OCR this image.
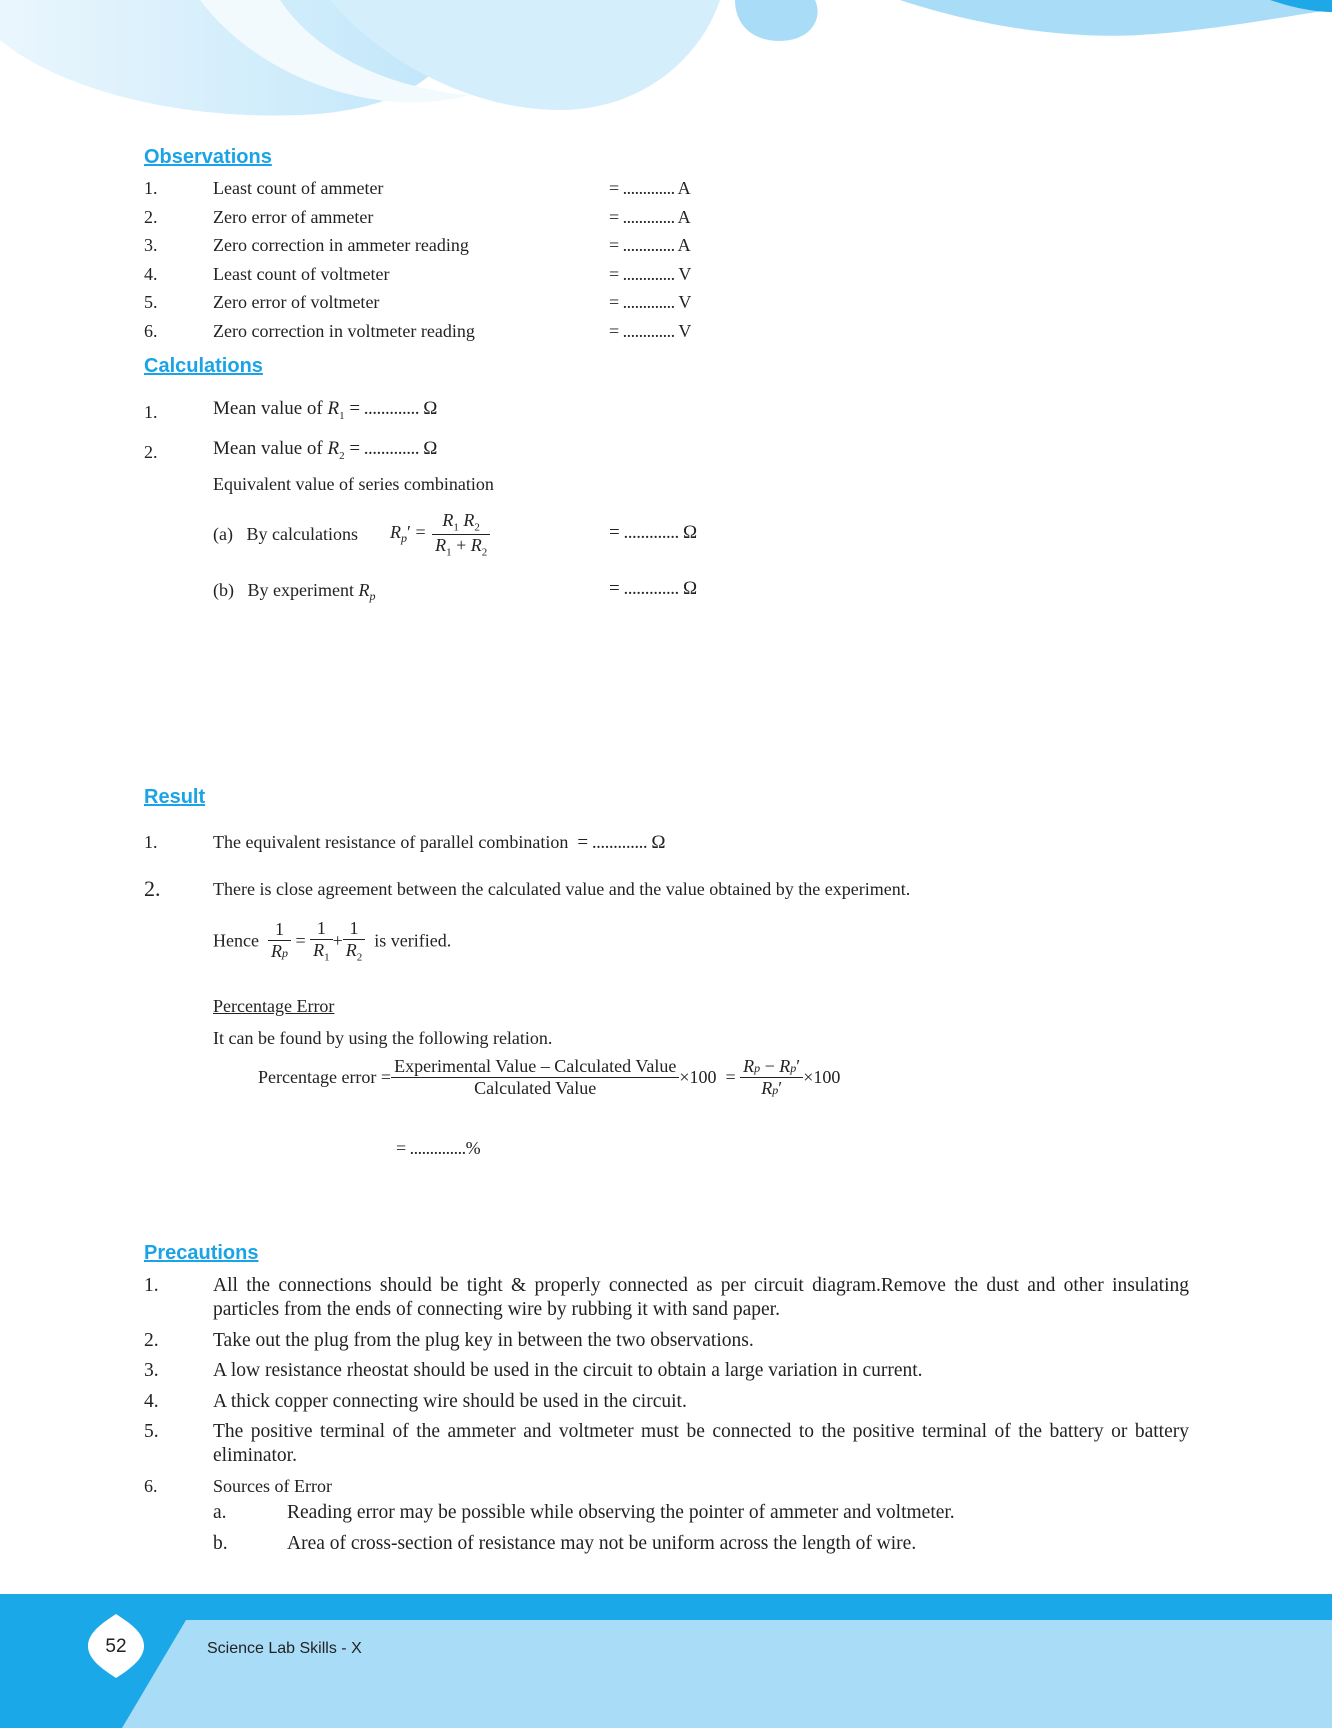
Observations
1.	Least count of ammeter	= ............. A
2.	Zero error of ammeter	= ............. A
3.	Zero correction in ammeter reading	= ............. A
4.	Least count of voltmeter	= ............. V
5.	Zero error of voltmeter	= ............. V
6.	Zero correction in voltmeter reading	= ............. V
Calculations
1.	Mean value of $R_1$ = ............. Ω
2.	Mean value of $R_2$ = ............. Ω
Equivalent value of series combination
(a)   By calculations $R_p' = \frac{R_1 R_2}{R_1 + R_2}$	= ............. Ω
(b)   By experiment $R_p$	= ............. Ω
Result
1.	The equivalent resistance of parallel combination = ............. Ω
2.	There is close agreement between the calculated value and the value obtained by the experiment.
Hence $\frac{1}{Rp} = \frac{1}{R_1} + \frac{1}{R_2}$ is verified.
Percentage Error
It can be found by using the following relation.
Percentage error = $\frac{\text{Experimental Value – Calculated Value}}{\text{Calculated Value}} \times 100 = \frac{Rp - Rp'}{Rp'} \times 100$
= ..............%
Precautions
1.	All the connections should be tight & properly connected as per circuit diagram.Remove the dust and other insulating particles from the ends of connecting wire by rubbing it with sand paper.
2.	Take out the plug from the plug key in between the two observations.
3.	A low resistance rheostat should be used in the circuit to obtain a large variation in current.
4.	A thick copper connecting wire should be used in the circuit.
5.	The positive terminal of the ammeter and voltmeter must be connected to the positive terminal of the battery or battery eliminator.
6.	Sources of Error
a.	Reading error may be possible while observing the pointer of ammeter and voltmeter.
b.	Area of cross-section of resistance may not be uniform across the length of wire.
52	Science Lab Skills - X
